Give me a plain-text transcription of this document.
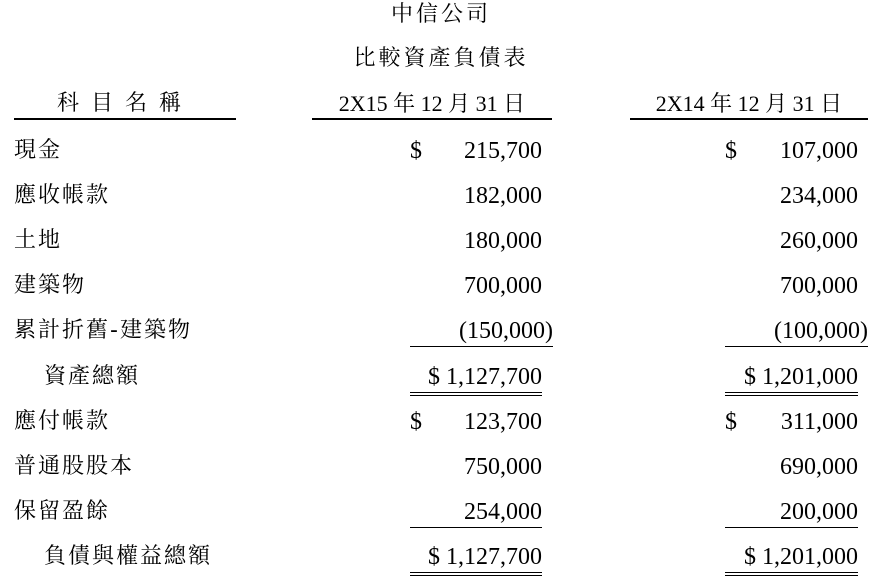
中信公司
比較資產負債表
科目名稱	2X15 年 12 月 31 日	2X14 年 12 月 31 日
現金	$ 215,700	$ 107,000
應收帳款	182,000	234,000
土地	180,000	260,000
建築物	700,000	700,000
累計折舊-建築物	(150,000)	(100,000)
資產總額	$ 1,127,700	$ 1,201,000
應付帳款	$ 123,700	$ 311,000
普通股股本	750,000	690,000
保留盈餘	254,000	200,000
負債與權益總額	$ 1,127,700	$ 1,201,000
